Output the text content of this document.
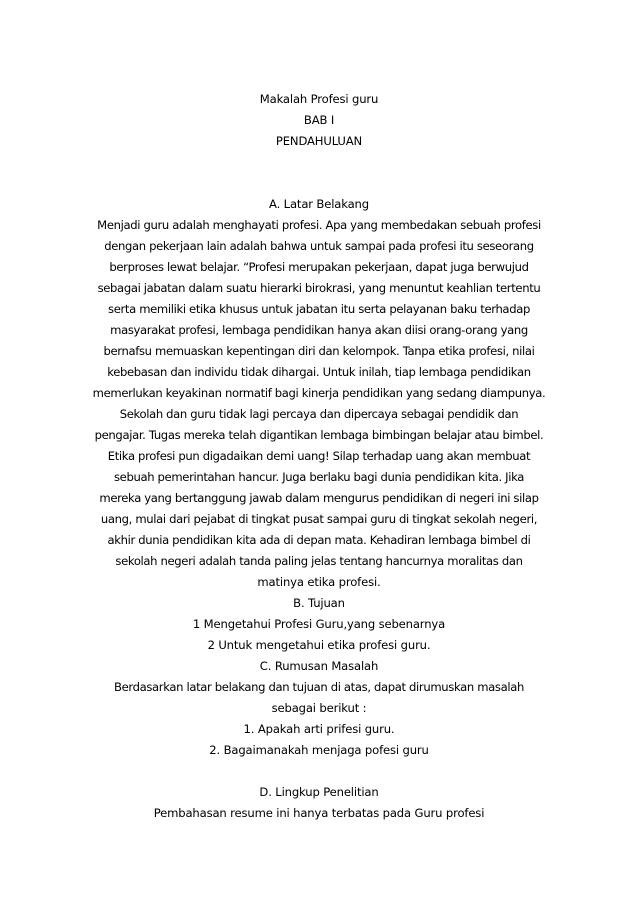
Makalah Profesi guru
BAB I
PENDAHULUAN
A. Latar Belakang
Menjadi guru adalah menghayati profesi. Apa yang membedakan sebuah profesi
dengan pekerjaan lain adalah bahwa untuk sampai pada profesi itu seseorang
berproses lewat belajar. “Profesi merupakan pekerjaan, dapat juga berwujud
sebagai jabatan dalam suatu hierarki birokrasi, yang menuntut keahlian tertentu
serta memiliki etika khusus untuk jabatan itu serta pelayanan baku terhadap
masyarakat profesi, lembaga pendidikan hanya akan diisi orang-orang yang
bernafsu memuaskan kepentingan diri dan kelompok. Tanpa etika profesi, nilai
kebebasan dan individu tidak dihargai. Untuk inilah, tiap lembaga pendidikan
memerlukan keyakinan normatif bagi kinerja pendidikan yang sedang diampunya.
Sekolah dan guru tidak lagi percaya dan dipercaya sebagai pendidik dan
pengajar. Tugas mereka telah digantikan lembaga bimbingan belajar atau bimbel.
Etika profesi pun digadaikan demi uang! Silap terhadap uang akan membuat
sebuah pemerintahan hancur. Juga berlaku bagi dunia pendidikan kita. Jika
mereka yang bertanggung jawab dalam mengurus pendidikan di negeri ini silap
uang, mulai dari pejabat di tingkat pusat sampai guru di tingkat sekolah negeri,
akhir dunia pendidikan kita ada di depan mata. Kehadiran lembaga bimbel di
sekolah negeri adalah tanda paling jelas tentang hancurnya moralitas dan
matinya etika profesi.
B. Tujuan
1 Mengetahui Profesi Guru,yang sebenarnya
2 Untuk mengetahui etika profesi guru.
C. Rumusan Masalah
Berdasarkan latar belakang dan tujuan di atas, dapat dirumuskan masalah
sebagai berikut :
1. Apakah arti prifesi guru.
2. Bagaimanakah menjaga pofesi guru
D. Lingkup Penelitian
Pembahasan resume ini hanya terbatas pada Guru profesi
